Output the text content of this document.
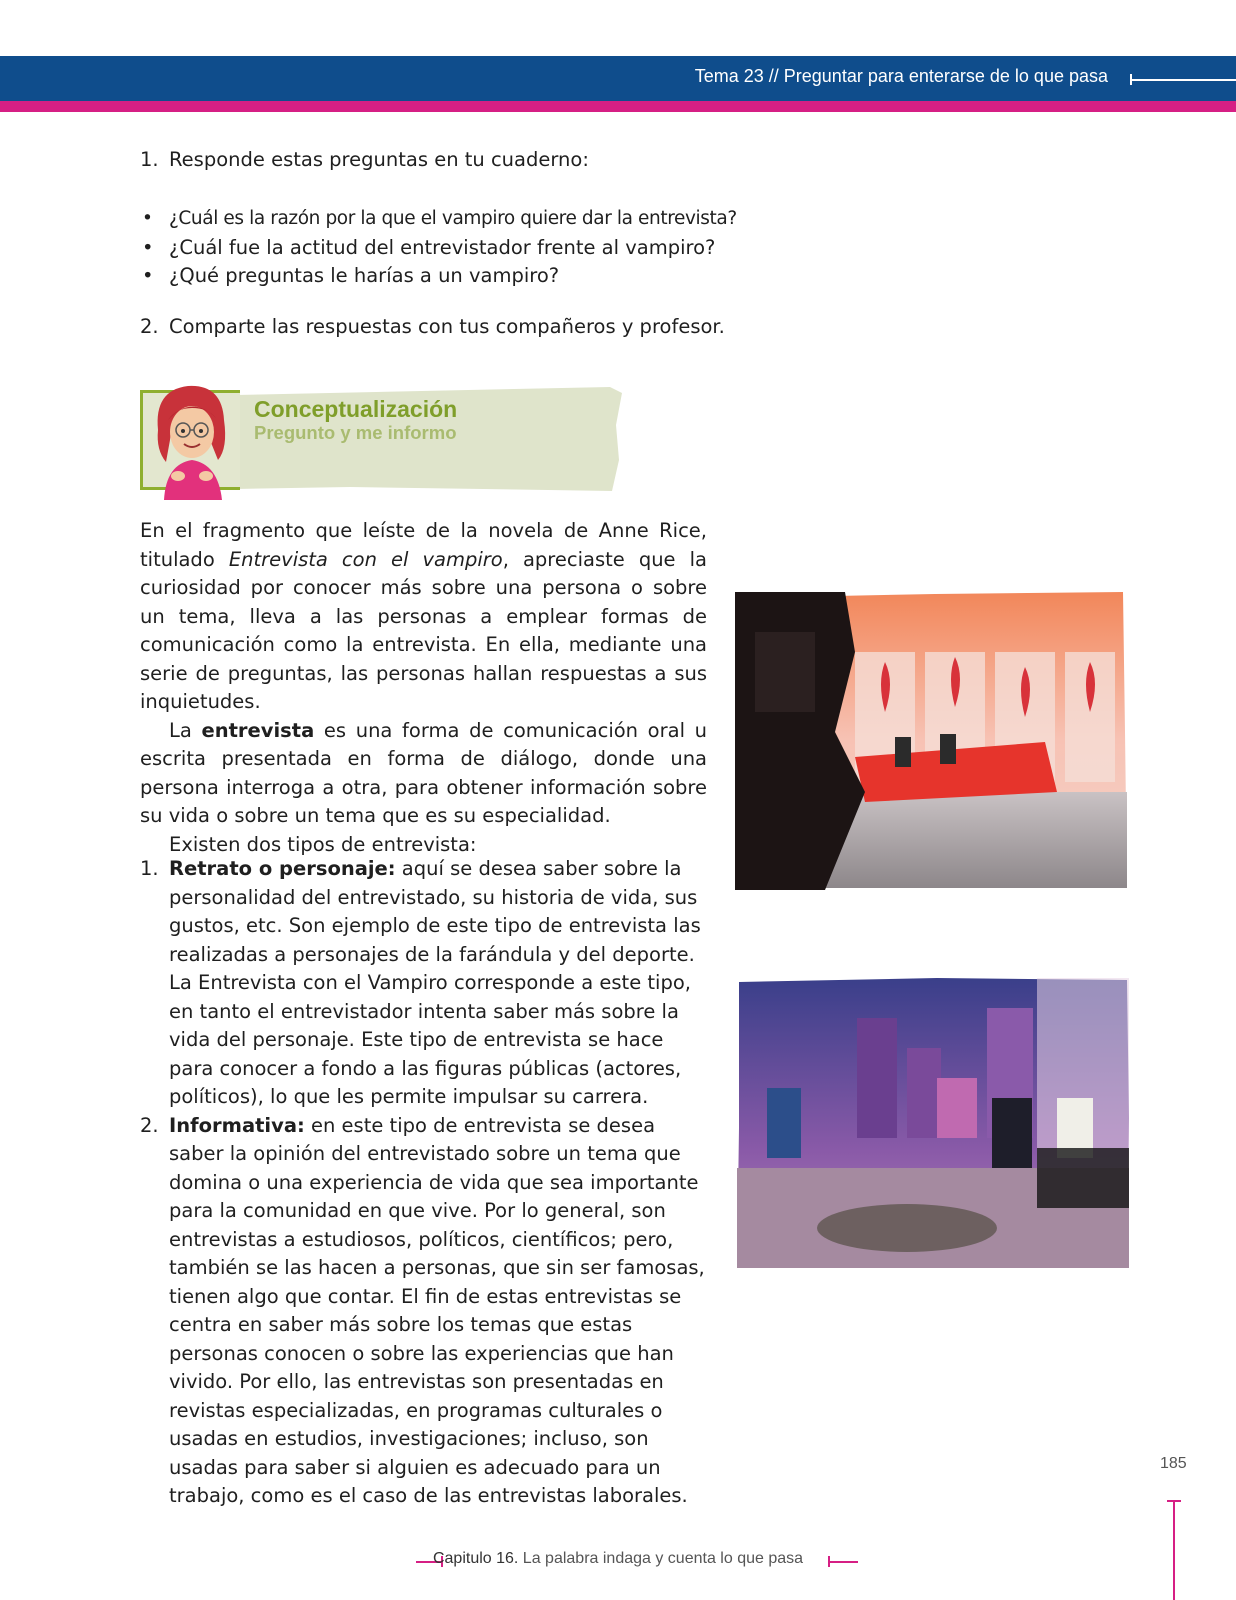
Tema 23 // Preguntar para enterarse de lo que pasa
1. Responde estas preguntas en tu cuaderno:
• ¿Cuál es la razón por la que el vampiro quiere dar la entrevista?
• ¿Cuál fue la actitud del entrevistador frente al vampiro?
• ¿Qué preguntas le harías a un vampiro?
2. Comparte las respuestas con tus compañeros y profesor.
Conceptualización
Pregunto y me informo

En el fragmento que leíste de la novela de Anne Rice, titulado Entrevista con el vampiro, apreciaste que la curiosidad por conocer más sobre una persona o sobre un tema, lleva a las personas a emplear formas de comunicación como la entrevista. En ella, mediante una serie de preguntas, las personas hallan respuestas a sus inquietudes.

La entrevista es una forma de comunicación oral u escrita presentada en forma de diálogo, donde una persona interroga a otra, para obtener información sobre su vida o sobre un tema que es su especialidad.

Existen dos tipos de entrevista:

1. Retrato o personaje: aquí se desea saber sobre la personalidad del entrevistado, su historia de vida, sus gustos, etc. Son ejemplo de este tipo de entrevista las realizadas a personajes de la farándula y del deporte. La Entrevista con el Vampiro corresponde a este tipo, en tanto el entrevistador intenta saber más sobre la vida del personaje. Este tipo de entrevista se hace para conocer a fondo a las figuras públicas (actores, políticos), lo que les permite impulsar su carrera.
2. Informativa: en este tipo de entrevista se desea saber la opinión del entrevistado sobre un tema que domina o una experiencia de vida que sea importante para la comunidad en que vive. Por lo general, son entrevistas a estudiosos, políticos, científicos; pero, también se las hacen a personas, que sin ser famosas, tienen algo que contar. El fin de estas entrevistas se centra en saber más sobre los temas que estas personas conocen o sobre las experiencias que han vivido. Por ello, las entrevistas son presentadas en revistas especializadas, en programas culturales o usadas en estudios, investigaciones; incluso, son usadas para saber si alguien es adecuado para un trabajo, como es el caso de las entrevistas laborales.
185
Capitulo 16. La palabra indaga y cuenta lo que pasa
